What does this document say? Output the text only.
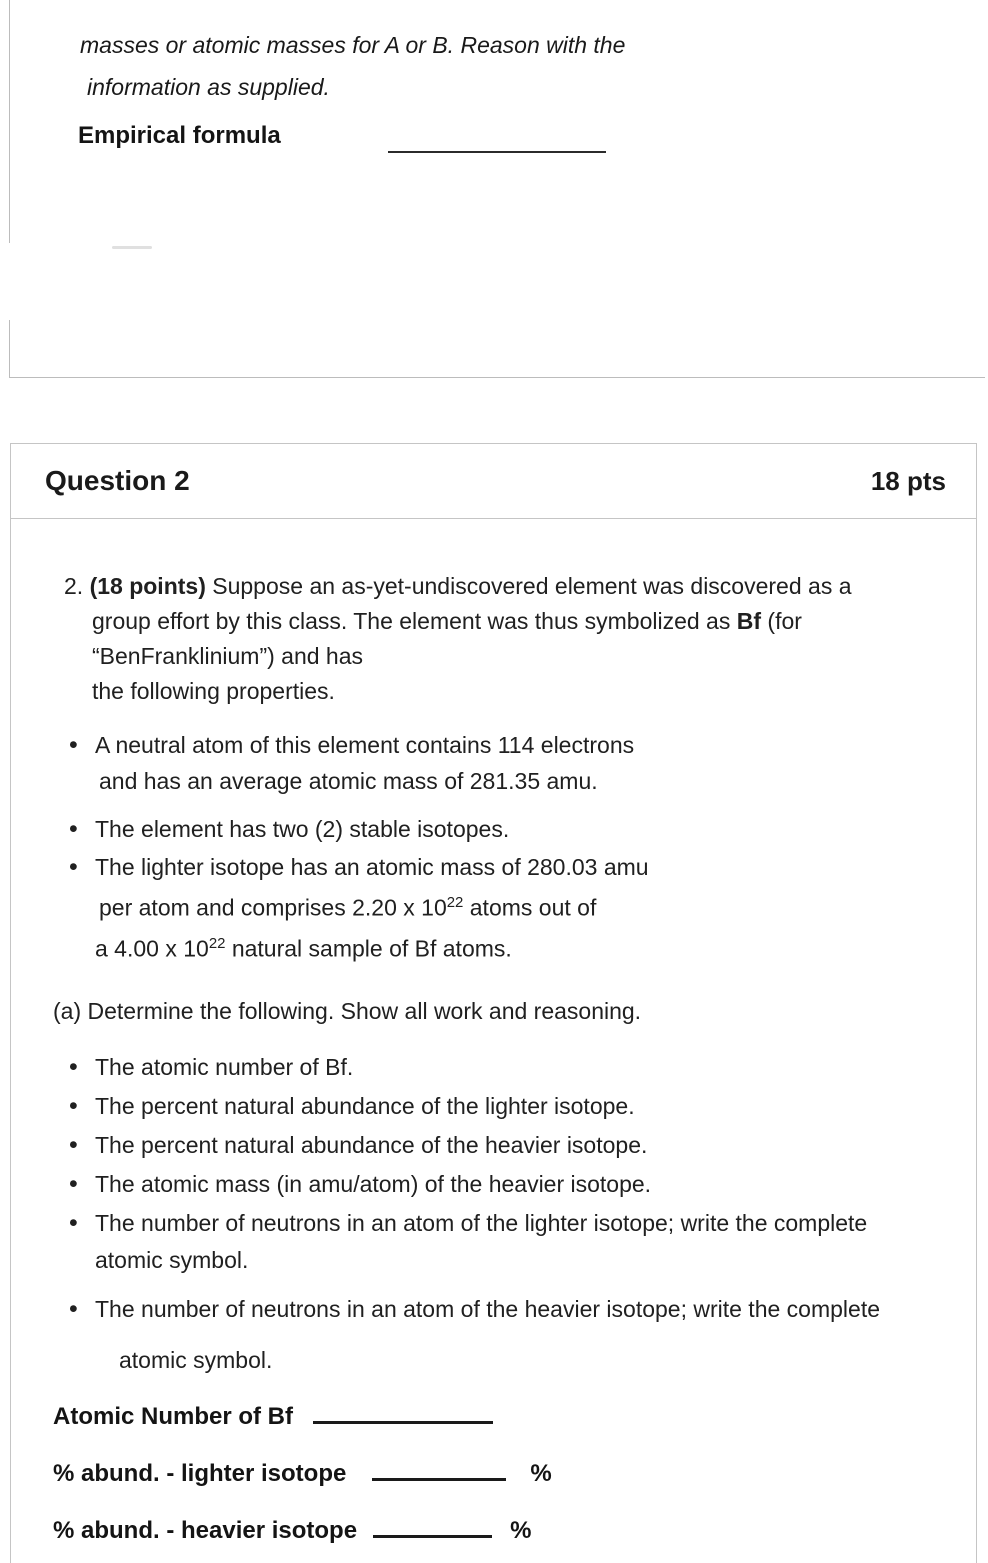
masses or atomic masses for A or B. Reason with the
information as supplied.
Empirical formula
Question 2	18 pts
2. (18 points) Suppose an as-yet-undiscovered element was discovered as a
group effort by this class. The element was thus symbolized as Bf (for
“BenFranklinium”) and has
the following properties.
•
A neutral atom of this element contains 114 electrons
and has an average atomic mass of 281.35 amu.
•
The element has two (2) stable isotopes.
•
The lighter isotope has an atomic mass of 280.03 amu
per atom and comprises 2.20 x $10^{22}$ atoms out of
a 4.00 x $10^{22}$ natural sample of Bf atoms.
(a) Determine the following. Show all work and reasoning.
•
The atomic number of Bf.
•
The percent natural abundance of the lighter isotope.
•
The percent natural abundance of the heavier isotope.
•
The atomic mass (in amu/atom) of the heavier isotope.
•
The number of neutrons in an atom of the lighter isotope; write the complete
atomic symbol.
•
The number of neutrons in an atom of the heavier isotope; write the complete
atomic symbol.
Atomic Number of Bf
% abund. - lighter isotope	%
% abund. - heavier isotope	%
